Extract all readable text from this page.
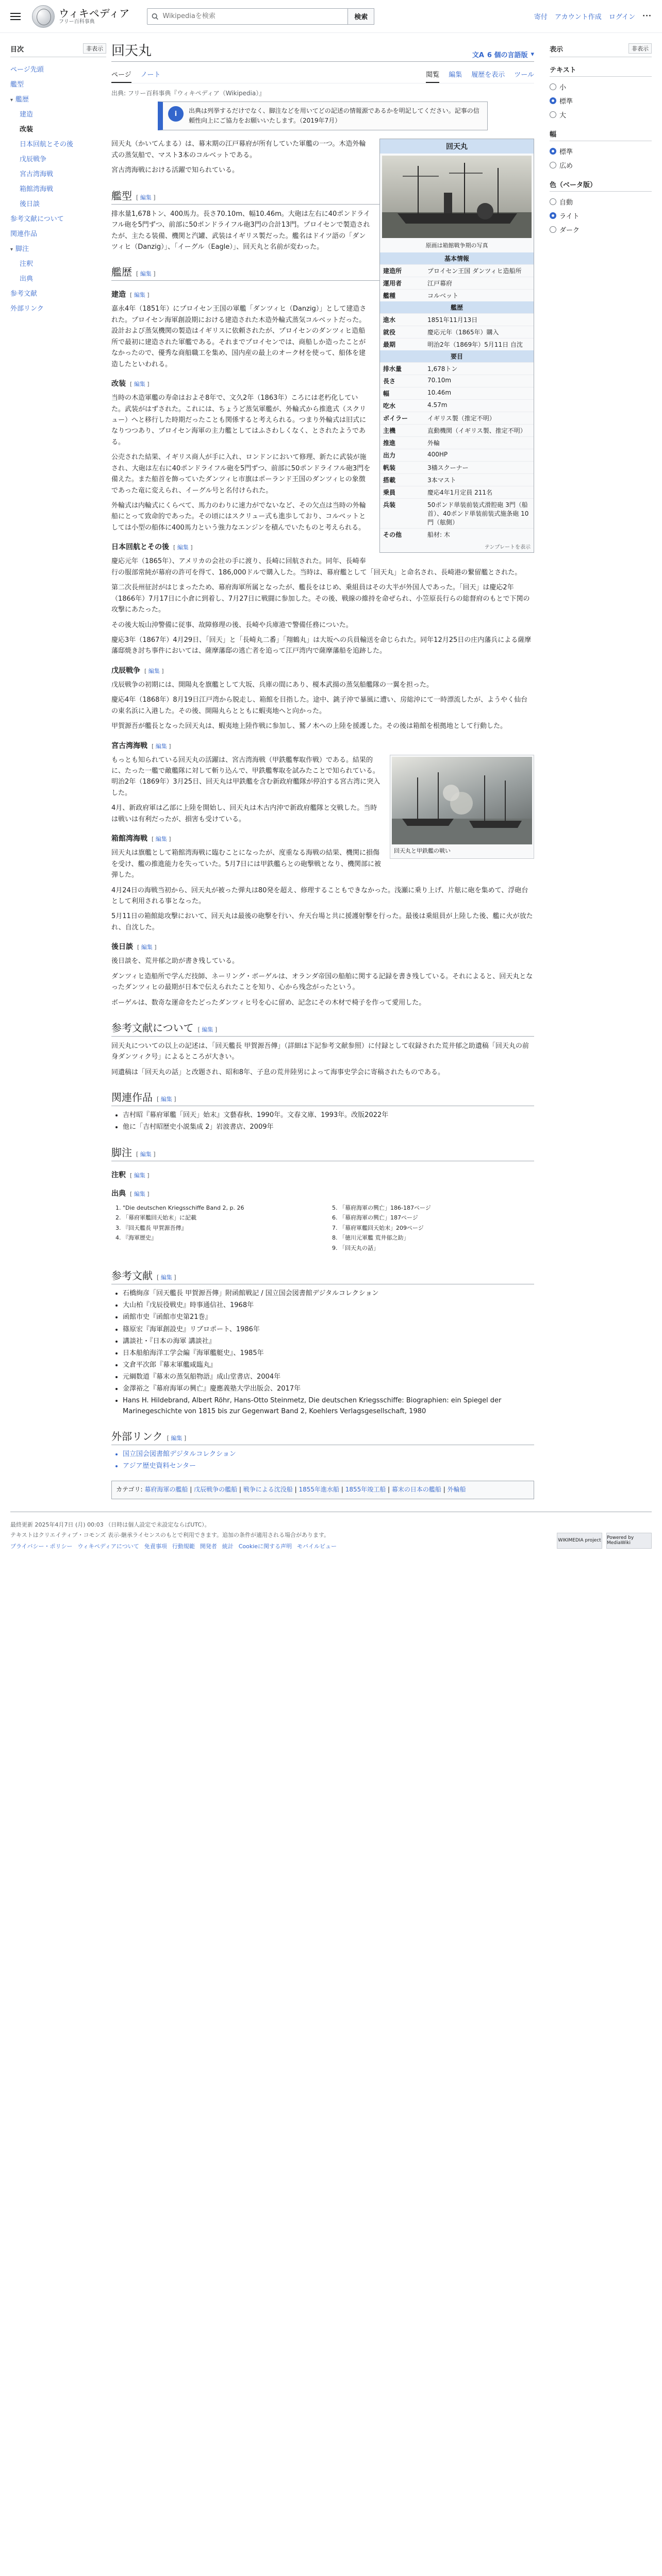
ウィキペディア
フリー百科事典
Wikipediaを検索
検索	寄付 アカウント作成 ログイン ···
目次	非表示
ページ先頭
艦型
▾ 艦歴
建造
改装
日本回航とその後
戊辰戦争
宮古湾海戦
箱館湾海戦
後日談
参考文献について
関連作品
▾ 脚注
注釈
出典
参考文献
外部リンク
回天丸	文A 6 個の言語版 ▾
ページ ノート	閲覧 編集 履歴を表示 ツール
出典: フリー百科事典『ウィキペディア（Wikipedia）』
i	出典は列挙するだけでなく、脚注などを用いてどの記述の情報源であるかを明記してください。記事の信頼性向上にご協力をお願いいたします。（2019年7月）
回天丸
原画は箱館戦争期の写真
基本情報
建造所	プロイセン王国 ダンツィヒ造船所
運用者	江戸幕府
艦種	コルベット
艦歴
進水	1851年11月13日
就役	慶応元年（1865年）購入
最期	明治2年（1869年）5月11日 自沈
要目
排水量	1,678トン
長さ	70.10m
幅	10.46m
吃水	4.57m
ボイラー	イギリス製（推定不明）
主機	直動機関（イギリス製、推定不明）
推進	外輪
出力	400HP
帆装	3檣スクーナー
搭載	3本マスト
乗員	慶応4年1月定員 211名
兵装	50ポンド単装前装式滑腔砲 3門（船首）、40ポンド単装前装式施条砲 10門（舷側）
その他	船材: 木
テンプレートを表示

回天丸（かいてんまる）は、幕末期の江戸幕府が所有していた軍艦の一つ。木造外輪式の蒸気船で、マスト3本のコルベットである。

宮古湾海戦における活躍で知られている。

艦型 [ 編集 ]

排水量1,678トン、400馬力。長さ70.10m、幅10.46m。大砲は左右に40ポンドライフル砲を5門ずつ、前部に50ポンドライフル砲3門の合計13門。プロイセンで製造されたが、主たる装備、機関と汽罐、武装はイギリス製だった。艦名はドイツ語の「ダンツィヒ（Danzig）」、「イーグル（Eagle）」、回天丸と名前が変わった。

艦歴 [ 編集 ]
建造 [ 編集 ]

嘉永4年（1851年）にプロイセン王国の軍艦「ダンツィヒ（Danzig）」として建造された。プロイセン海軍創設期における建造された木造外輪式蒸気コルベットだった。設計および蒸気機関の製造はイギリスに依頼されたが、プロイセンのダンツィヒ造船所で最初に建造された軍艦である。それまでプロイセンでは、商船しか造ったことがなかったので、優秀な商船職工を集め、国内産の最上のオーク材を使って、船体を建造したといわれる。

改装 [ 編集 ]

当時の木造軍艦の寿命はおよそ8年で、文久2年（1863年）ころには老朽化していた。武装がはずされた。これには、ちょうど蒸気軍艦が、外輪式から推進式（スクリュー）へと移行した時期だったことも関係すると考えられる。つまり外輪式は旧式になりつつあり、プロイセン海軍の主力艦としてはふさわしくなく、とされたようである。

公売された結果、イギリス商人が手に入れ、ロンドンにおいて修理、新たに武装が施され、大砲は左右に40ポンドライフル砲を5門ずつ、前部に50ポンドライフル砲3門を備えた。また船首を飾っていたダンツィヒ市旗はポーランド王国のダンツィヒの象徴であった竜に変えられ、イーグル号と名付けられた。

外輪式は内輪式にくらべて、馬力のわりに速力がでないなど、その欠点は当時の外輪船にとって致命的であった。その頃にはスクリュー式も進歩しており、コルベットとしては小型の船体に400馬力という強力なエンジンを積んでいたものと考えられる。

日本回航とその後 [ 編集 ]

慶応元年（1865年）、アメリカの会社の手に渡り、長崎に回航された。同年、長崎奉行の服部常純が幕府の許可を得て、186,000ドルで購入した。当時は、幕府艦として「回天丸」と命名され、長崎港の繋留艦とされた。

第二次長州征討がはじまったため、幕府海軍所属となったが、艦長をはじめ、乗組員はその大半が外国人であった。「回天」は慶応2年（1866年）7月17日に小倉に到着し、7月27日に戦闘に参加した。その後、戦線の維持を命ぜられ、小笠原長行らの総督府のもとで下関の攻撃にあたった。

その後大坂山沖警備に従事、故障修理の後、長崎や兵庫港で警備任務についた。

慶応3年（1867年）4月29日、「回天」と「長崎丸二番」「翔鶴丸」は大坂への兵員輸送を命じられた。同年12月25日の庄内藩兵による薩摩藩邸焼き討ち事件においては、薩摩藩邸の逃亡者を追って江戸湾内で薩摩藩船を追跡した。

戊辰戦争 [ 編集 ]

戊辰戦争の初期には、開陽丸を旗艦として大坂、兵庫の間にあり、榎本武揚の蒸気船艦隊の一翼を担った。

慶応4年（1868年）8月19日江戸湾から脱走し、箱館を目指した。途中、銚子沖で暴風に遭い、房総沖にて一時漂流したが、ようやく仙台の東名浜に入港した。その後、開陽丸らとともに蝦夷地へと向かった。

甲賀源吾が艦長となった回天丸は、蝦夷地上陸作戦に参加し、鷲ノ木への上陸を援護した。その後は箱館を根拠地として行動した。

宮古湾海戦 [ 編集 ]
回天丸と甲鉄艦の戦い

もっとも知られている回天丸の活躍は、宮古湾海戦（甲鉄艦奪取作戦）である。結果的に、たった一艦で敵艦隊に対して斬り込んで、甲鉄艦奪取を試みたことで知られている。明治2年（1869年）3月25日、回天丸は甲鉄艦を含む新政府艦隊が停泊する宮古湾に突入した。

4月、新政府軍は乙部に上陸を開始し、回天丸は木古内沖で新政府艦隊と交戦した。当時は戦いは有利だったが、損害も受けている。

箱館湾海戦 [ 編集 ]

回天丸は旗艦として箱館湾海戦に臨むことになったが、度重なる海戦の結果、機関に損傷を受け、艦の推進能力を失っていた。5月7日には甲鉄艦らとの砲撃戦となり、機関部に被弾した。

4月24日の海戦当初から、回天丸が被った弾丸は80発を超え、修理することもできなかった。浅瀬に乗り上げ、片舷に砲を集めて、浮砲台として利用される事となった。

5月11日の箱館総攻撃において、回天丸は最後の砲撃を行い、弁天台場と共に援護射撃を行った。最後は乗組員が上陸した後、艦に火が放たれ、自沈した。

後日談 [ 編集 ]

後日談を、荒井郁之助が書き残している。

ダンツィヒ造船所で学んだ技師、ネーリング・ボーゲルは、オランダ帝国の船舶に関する記録を書き残している。それによると、回天丸となったダンツィヒの最期が日本で伝えられたことを知り、心から残念がったという。

ボーゲルは、数奇な運命をたどったダンツィヒ号を心に留め、記念にその木材で椅子を作って愛用した。

参考文献について [ 編集 ]

回天丸についての以上の記述は、「回天艦長 甲賀源吾傳」（詳細は下記参考文献参照）に付録として収録された荒井郁之助遺稿「回天丸の前身ダンツィク号」によるところが大きい。

同遺稿は「回天丸の話」と改題され、昭和8年、子息の荒井陸男によって海事史学会に寄稿されたものである。

関連作品 [ 編集 ]
• 吉村昭『幕府軍艦「回天」始末』文藝春秋、1990年。文春文庫、1993年。改版2022年
• 他に「吉村昭歴史小説集成 2」岩波書店、2009年
脚注 [ 編集 ]
注釈 [ 編集 ]
出典 [ 編集 ]
1. "Die deutschen Kriegsschiffe Band 2, p. 26
2. 「幕府軍艦回天始末」に記載
3. 『回天艦長 甲賀源吾傳』
4. 『海軍歴史』
5. 「幕府海軍の興亡」186-187ページ
6. 「幕府海軍の興亡」187ページ
7. 「幕府軍艦回天始末」209ページ
8. 「徳川元軍艦 荒井郁之助」
9. 「回天丸の話」
参考文献 [ 編集 ]
• 石橋絢彦「回天艦長 甲賀源吾傳」附函館戦記 / 国立国会図書館デジタルコレクション
• 大山柏『戊辰役戦史』時事通信社、1968年
• 函館市史『函館市史第21巻』
• 篠原宏『海軍創設史』リブロポート、1986年
• 講談社・『日本の海軍 講談社』
• 日本船舶海洋工学会編『海軍艦艇史』、1985年
• 文倉平次郎『幕末軍艦咸臨丸』
• 元綱数道『幕末の蒸気船物語』成山堂書店、2004年
• 金澤裕之『幕府海軍の興亡』慶應義塾大学出版会、2017年
• Hans H. Hildebrand, Albert Röhr, Hans-Otto Steinmetz, Die deutschen Kriegsschiffe: Biographien: ein Spiegel der Marinegeschichte von 1815 bis zur Gegenwart Band 2, Koehlers Verlagsgesellschaft, 1980
外部リンク [ 編集 ]
• 国立国会図書館デジタルコレクション
• アジア歴史資料センター
カテゴリ: 幕府海軍の艦船 | 戊辰戦争の艦船 | 戦争による沈没船 | 1855年進水船 | 1855年竣工船 | 幕末の日本の艦船 | 外輪船
表示	非表示
テキスト
小
標準
大
幅
標準
広め
色（ベータ版）
自動
ライト
ダーク
最終更新 2025年4月7日 (月) 00:03 （日時は個人設定で未設定ならばUTC）。
テキストはクリエイティブ・コモンズ 表示-継承ライセンスのもとで利用できます。追加の条件が適用される場合があります。
プライバシー・ポリシー ウィキペディアについて 免責事項 行動規範 開発者 統計 Cookieに関する声明 モバイルビュー
WIKIMEDIA project Powered by MediaWiki
